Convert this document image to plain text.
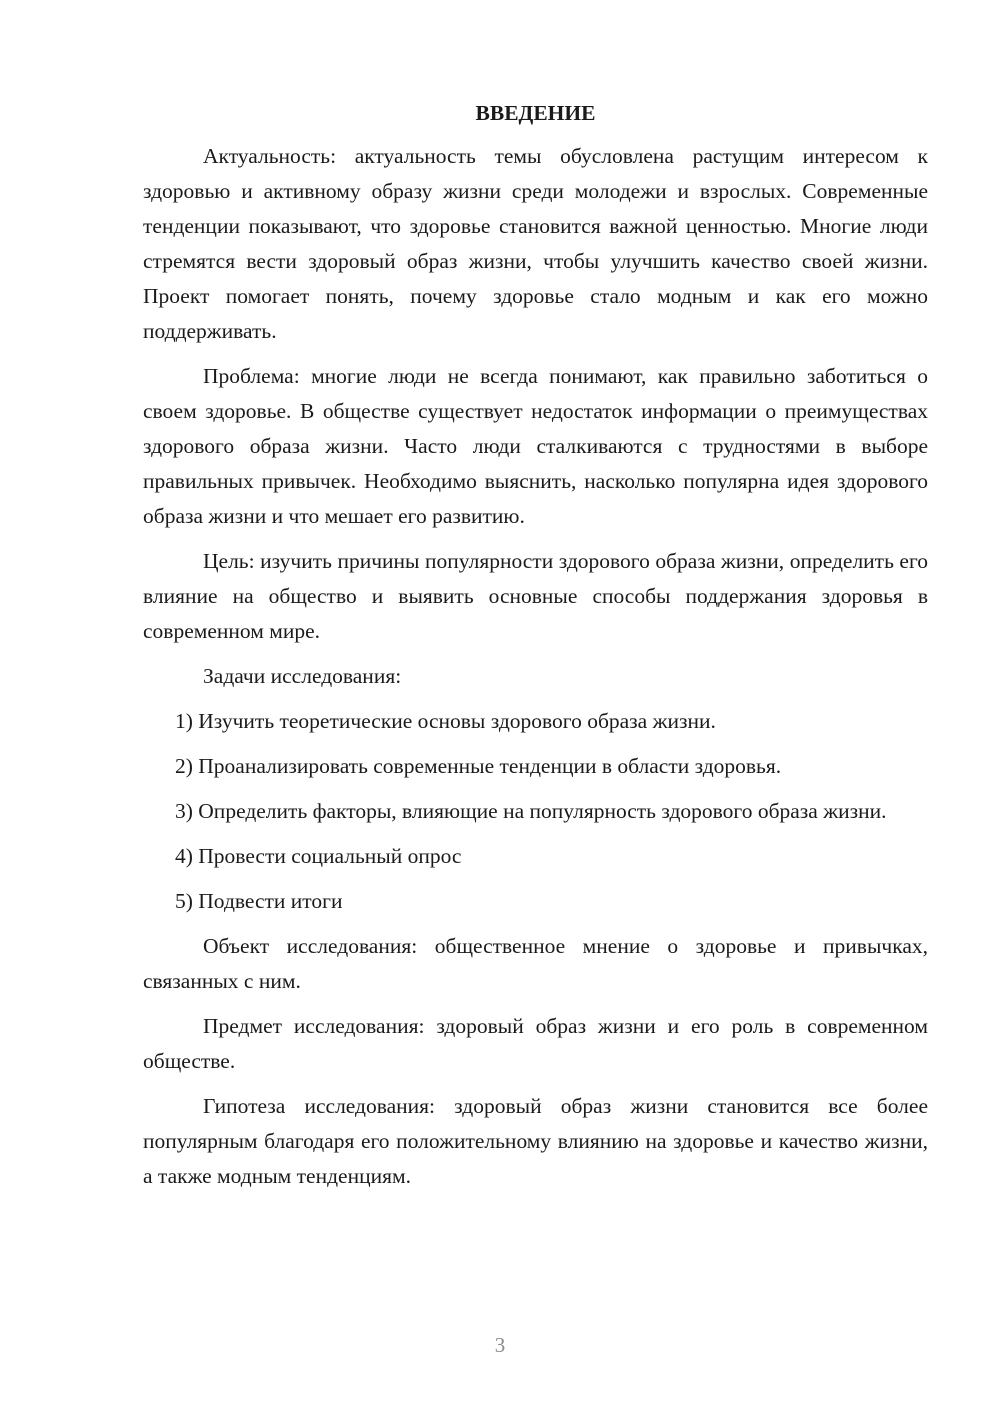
ВВЕДЕНИЕ

Актуальность: актуальность темы обусловлена растущим интересом к здоровью и активному образу жизни среди молодежи и взрослых. Современные тенденции показывают, что здоровье становится важной ценностью. Многие люди стремятся вести здоровый образ жизни, чтобы улучшить качество своей жизни. Проект помогает понять, почему здоровье стало модным и как его можно поддерживать.

Проблема: многие люди не всегда понимают, как правильно заботиться о своем здоровье. В обществе существует недостаток информации о преимуществах здорового образа жизни. Часто люди сталкиваются с трудностями в выборе правильных привычек. Необходимо выяснить, насколько популярна идея здорового образа жизни и что мешает его развитию.

Цель: изучить причины популярности здорового образа жизни, определить его влияние на общество и выявить основные способы поддержания здоровья в современном мире.

Задачи исследования:

1) Изучить теоретические основы здорового образа жизни.

2) Проанализировать современные тенденции в области здоровья.

3) Определить факторы, влияющие на популярность здорового образа жизни.

4) Провести социальный опрос

5) Подвести итоги

Объект исследования: общественное мнение о здоровье и привычках, связанных с ним.

Предмет исследования: здоровый образ жизни и его роль в современном обществе.

Гипотеза исследования: здоровый образ жизни становится все более популярным благодаря его положительному влиянию на здоровье и качество жизни, а также модным тенденциям.

3
